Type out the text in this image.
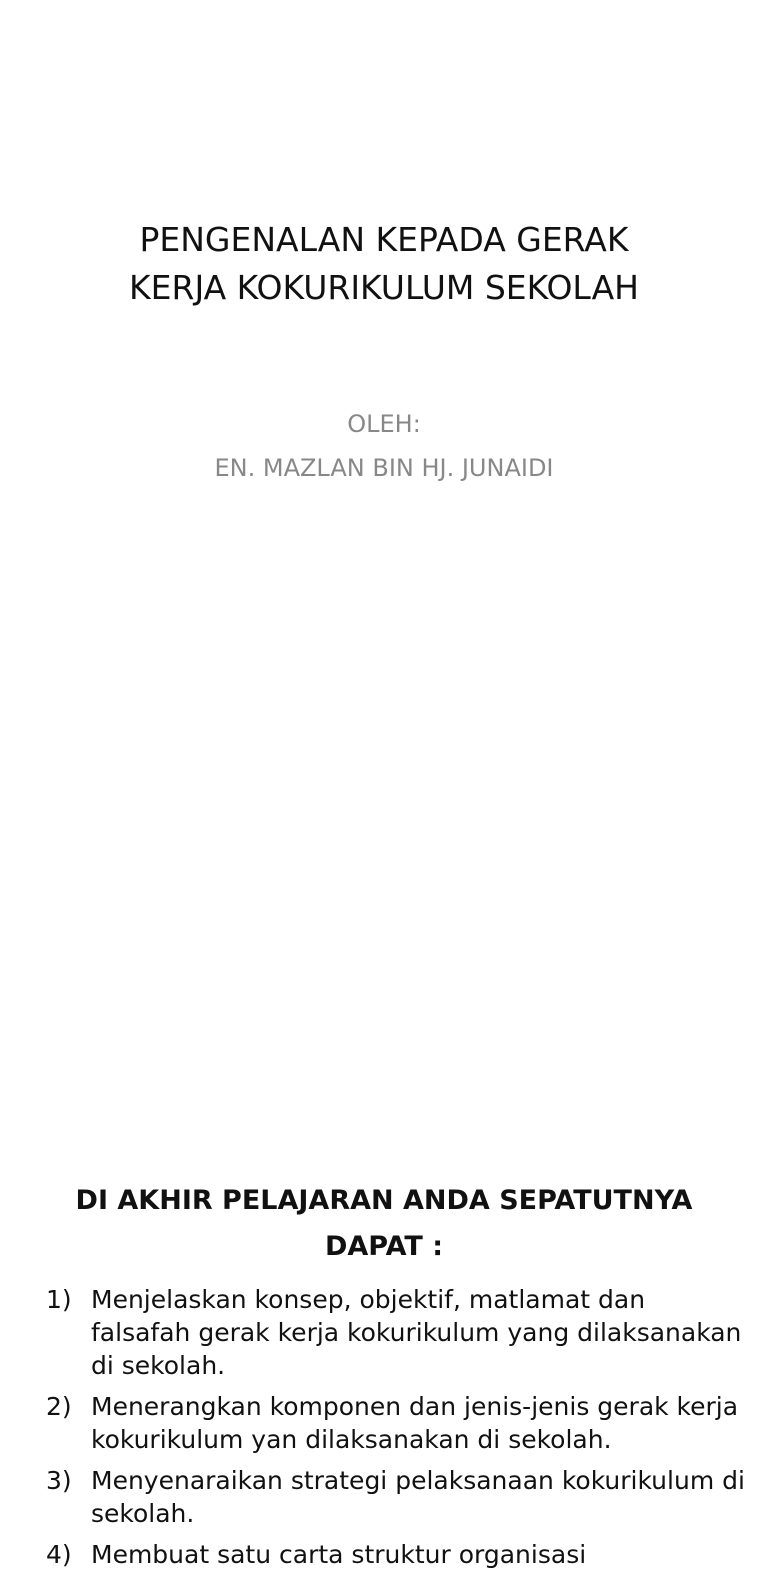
PENGENALAN KEPADA GERAK
KERJA KOKURIKULUM SEKOLAH
OLEH:
EN. MAZLAN BIN HJ. JUNAIDI
DI AKHIR PELAJARAN ANDA SEPATUTNYA
DAPAT :
1) Menjelaskan konsep, objektif, matlamat dan falsafah gerak kerja kokurikulum yang dilaksanakan di sekolah.
2) Menerangkan komponen dan jenis-jenis gerak kerja kokurikulum yan dilaksanakan di sekolah.
3) Menyenaraikan strategi pelaksanaan kokurikulum di sekolah.
4) Membuat satu carta struktur organisasi
